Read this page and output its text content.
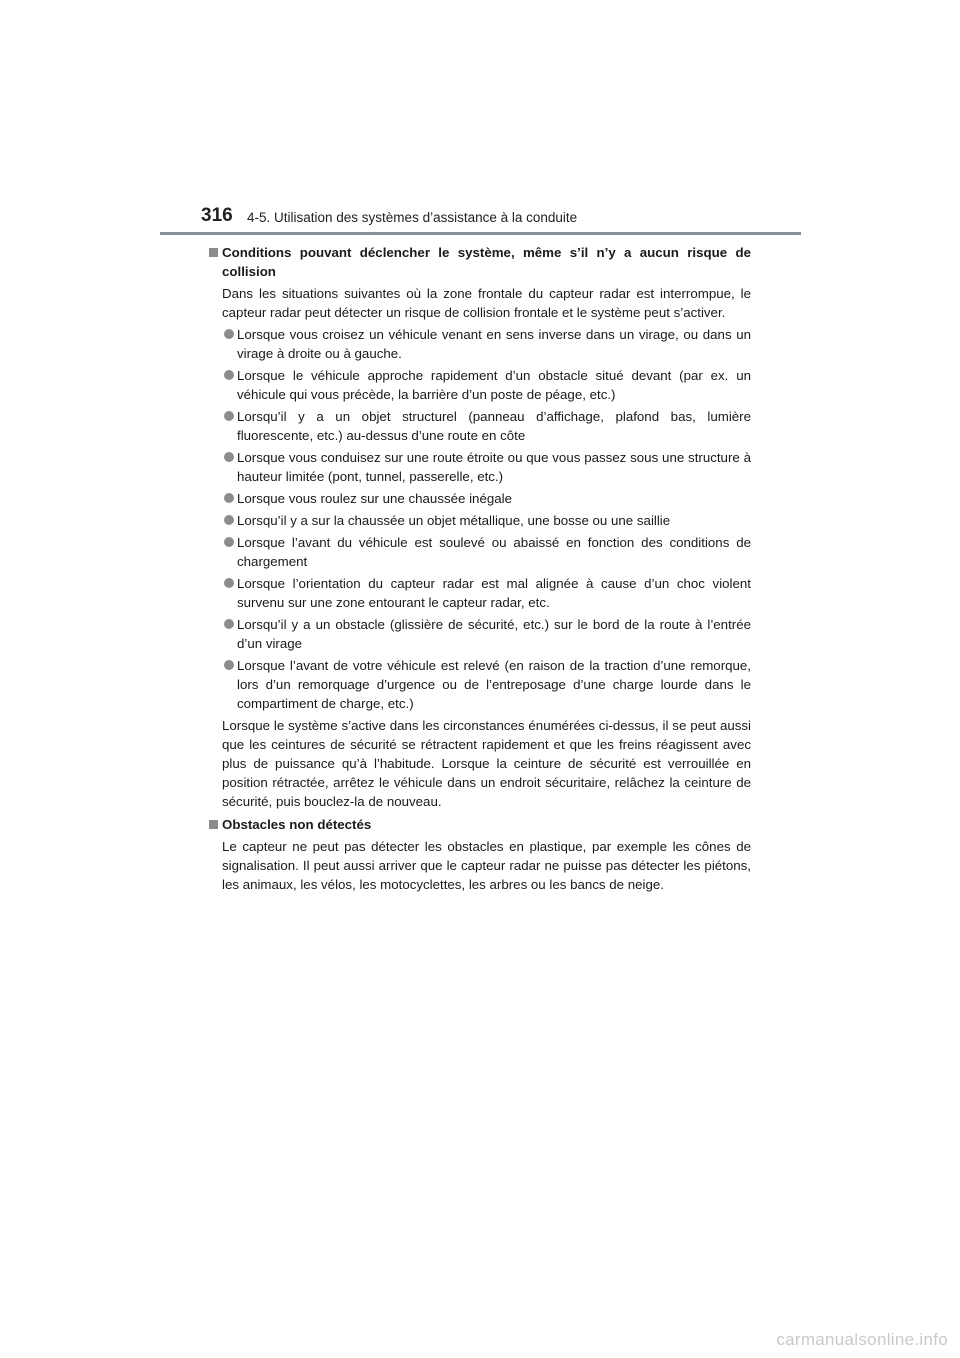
316 4-5. Utilisation des systèmes d’assistance à la conduite
Conditions pouvant déclencher le système, même s’il n’y a aucun risque de collision

Dans les situations suivantes où la zone frontale du capteur radar est interrompue, le capteur radar peut détecter un risque de collision frontale et le système peut s’activer.

Lorsque vous croisez un véhicule venant en sens inverse dans un virage, ou dans un virage à droite ou à gauche.
Lorsque le véhicule approche rapidement d’un obstacle situé devant (par ex. un véhicule qui vous précède, la barrière d’un poste de péage, etc.)
Lorsqu’il y a un objet structurel (panneau d’affichage, plafond bas, lumière fluorescente, etc.) au-dessus d’une route en côte
Lorsque vous conduisez sur une route étroite ou que vous passez sous une structure à hauteur limitée (pont, tunnel, passerelle, etc.)
Lorsque vous roulez sur une chaussée inégale
Lorsqu’il y a sur la chaussée un objet métallique, une bosse ou une saillie
Lorsque l’avant du véhicule est soulevé ou abaissé en fonction des conditions de chargement
Lorsque l’orientation du capteur radar est mal alignée à cause d’un choc violent survenu sur une zone entourant le capteur radar, etc.
Lorsqu’il y a un obstacle (glissière de sécurité, etc.) sur le bord de la route à l’entrée d’un virage
Lorsque l’avant de votre véhicule est relevé (en raison de la traction d’une remorque, lors d’un remorquage d’urgence ou de l’entreposage d’une charge lourde dans le compartiment de charge, etc.)

Lorsque le système s’active dans les circonstances énumérées ci-dessus, il se peut aussi que les ceintures de sécurité se rétractent rapidement et que les freins réagissent avec plus de puissance qu’à l’habitude. Lorsque la ceinture de sécurité est verrouillée en position rétractée, arrêtez le véhicule dans un endroit sécuritaire, relâchez la ceinture de sécurité, puis bouclez-la de nouveau.

Obstacles non détectés

Le capteur ne peut pas détecter les obstacles en plastique, par exemple les cônes de signalisation. Il peut aussi arriver que le capteur radar ne puisse pas détecter les piétons, les animaux, les vélos, les motocyclettes, les arbres ou les bancs de neige.

carmanualsonline.info
